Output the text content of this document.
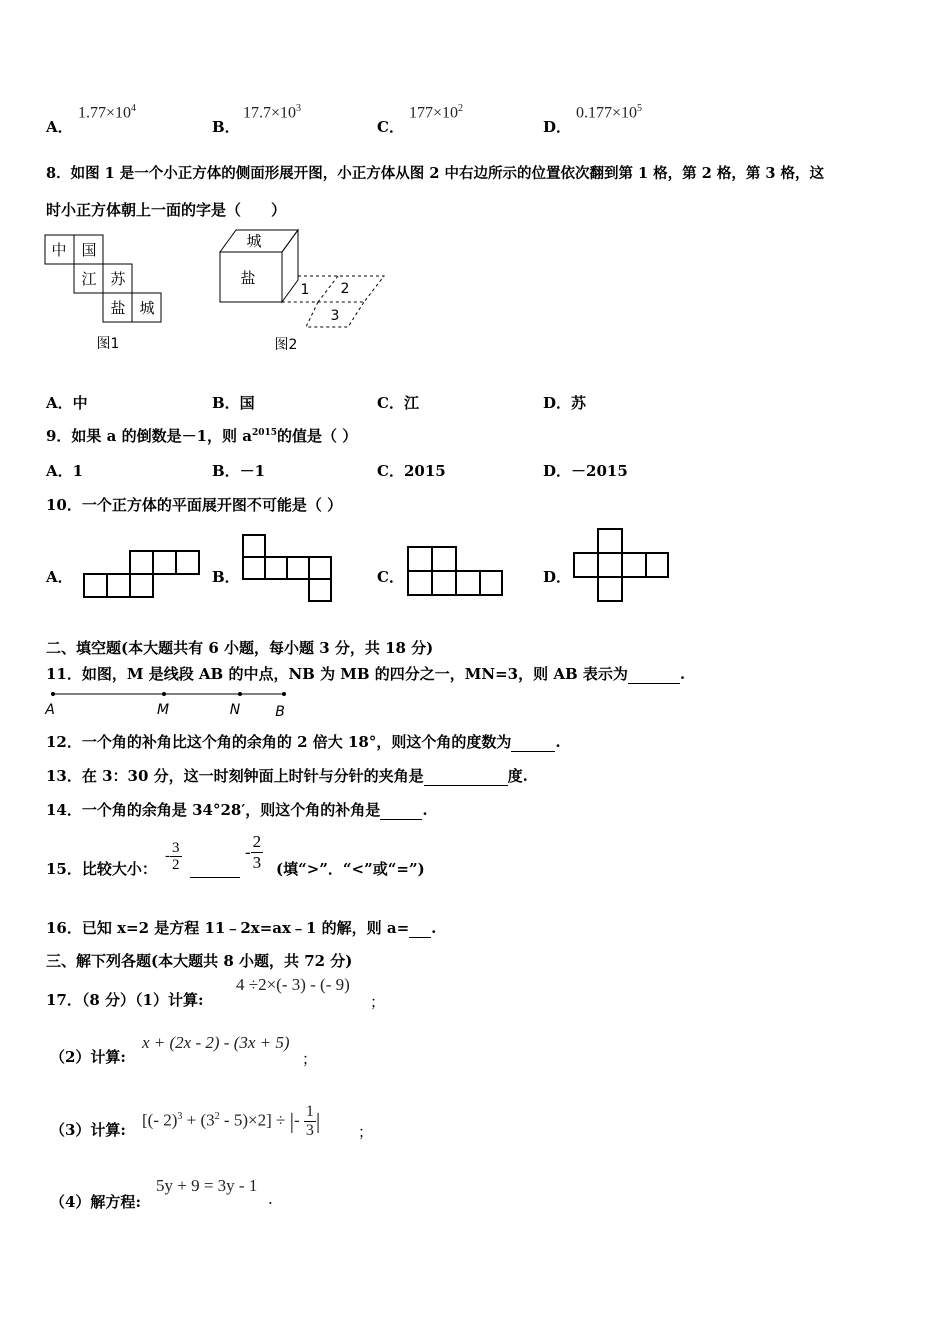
A．
$1.77\times 10^4$
B．
$17.7\times 10^3$
C．
$177\times 10^2$
D．
$0.177\times 10^5$
8．如图 1 是一个小正方体的侧面形展开图，小正方体从图 2 中右边所示的位置依次翻到第 1 格，第 2 格，第 3 格，这
时小正方体朝上一面的字是（　　）
中 国
江 苏
盐 城
图1
城
盐
1 2
3
图2
A．中	B．国	C．江	D．苏
9．如果 a 的倒数是－1，则 $a^{2015}$的值是（ ）
A．1	B．－1	C．2015	D．－2015
10．一个正方体的平面展开图不可能是（ ）
A．	B．	C．	D．
二、填空题(本大题共有 6 小题，每小题 3 分，共 18 分)
11．如图，M 是线段 AB 的中点，NB 为 MB 的四分之一，MN=3，则 AB 表示为	.
A	M	N B
12．一个角的补角比这个角的余角的 2 倍大 18°，则这个角的度数为	.
13．在 3：30 分，这一时刻钟面上时针与分针的夹角是	度.
14．一个角的余角是 34°28′，则这个角的补角是	.
15．比较大小：
- $\frac{3}{2}$
	- $\frac{2}{3}$ (填“>”．“<”或“=”)
16．已知 x=2 是方程 11﹣2x=ax﹣1 的解，则 a= .
三、解下列各题(本大题共 8 小题，共 72 分)
17．（8 分）（1）计算:
4 ÷2×(- 3) - (- 9)
；
（2）计算:
x + (2x - 2) - (3x + 5)
；
（3）计算:
[(- $2)^3 + (3^2 - 5)\times 2$] ÷ |- $\frac{1}{3}$ |	；
（4）解方程:
5y + 9 = 3y - 1
.
